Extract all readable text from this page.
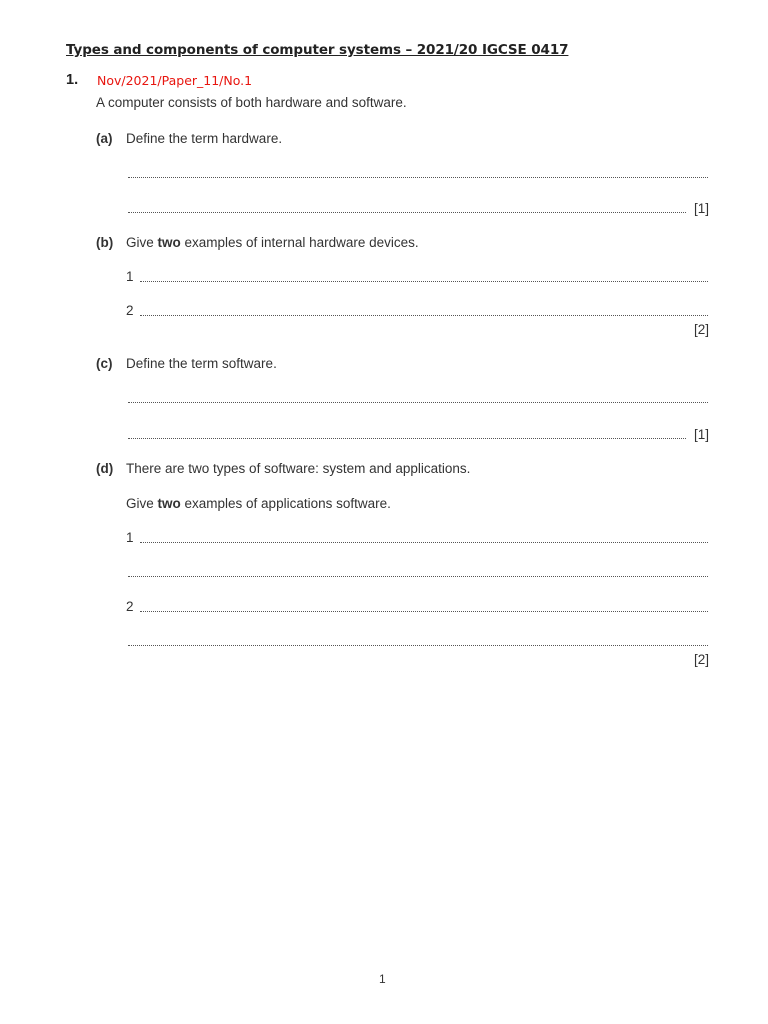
Types and components of computer systems – 2021/20 IGCSE 0417
1. Nov/2021/Paper_11/No.1
A computer consists of both hardware and software.
(a) Define the term hardware.
[1]
(b) Give two examples of internal hardware devices.
1
2
[2]
(c) Define the term software.
[1]
(d) There are two types of software: system and applications.
Give two examples of applications software.
1
2
[2]
1
